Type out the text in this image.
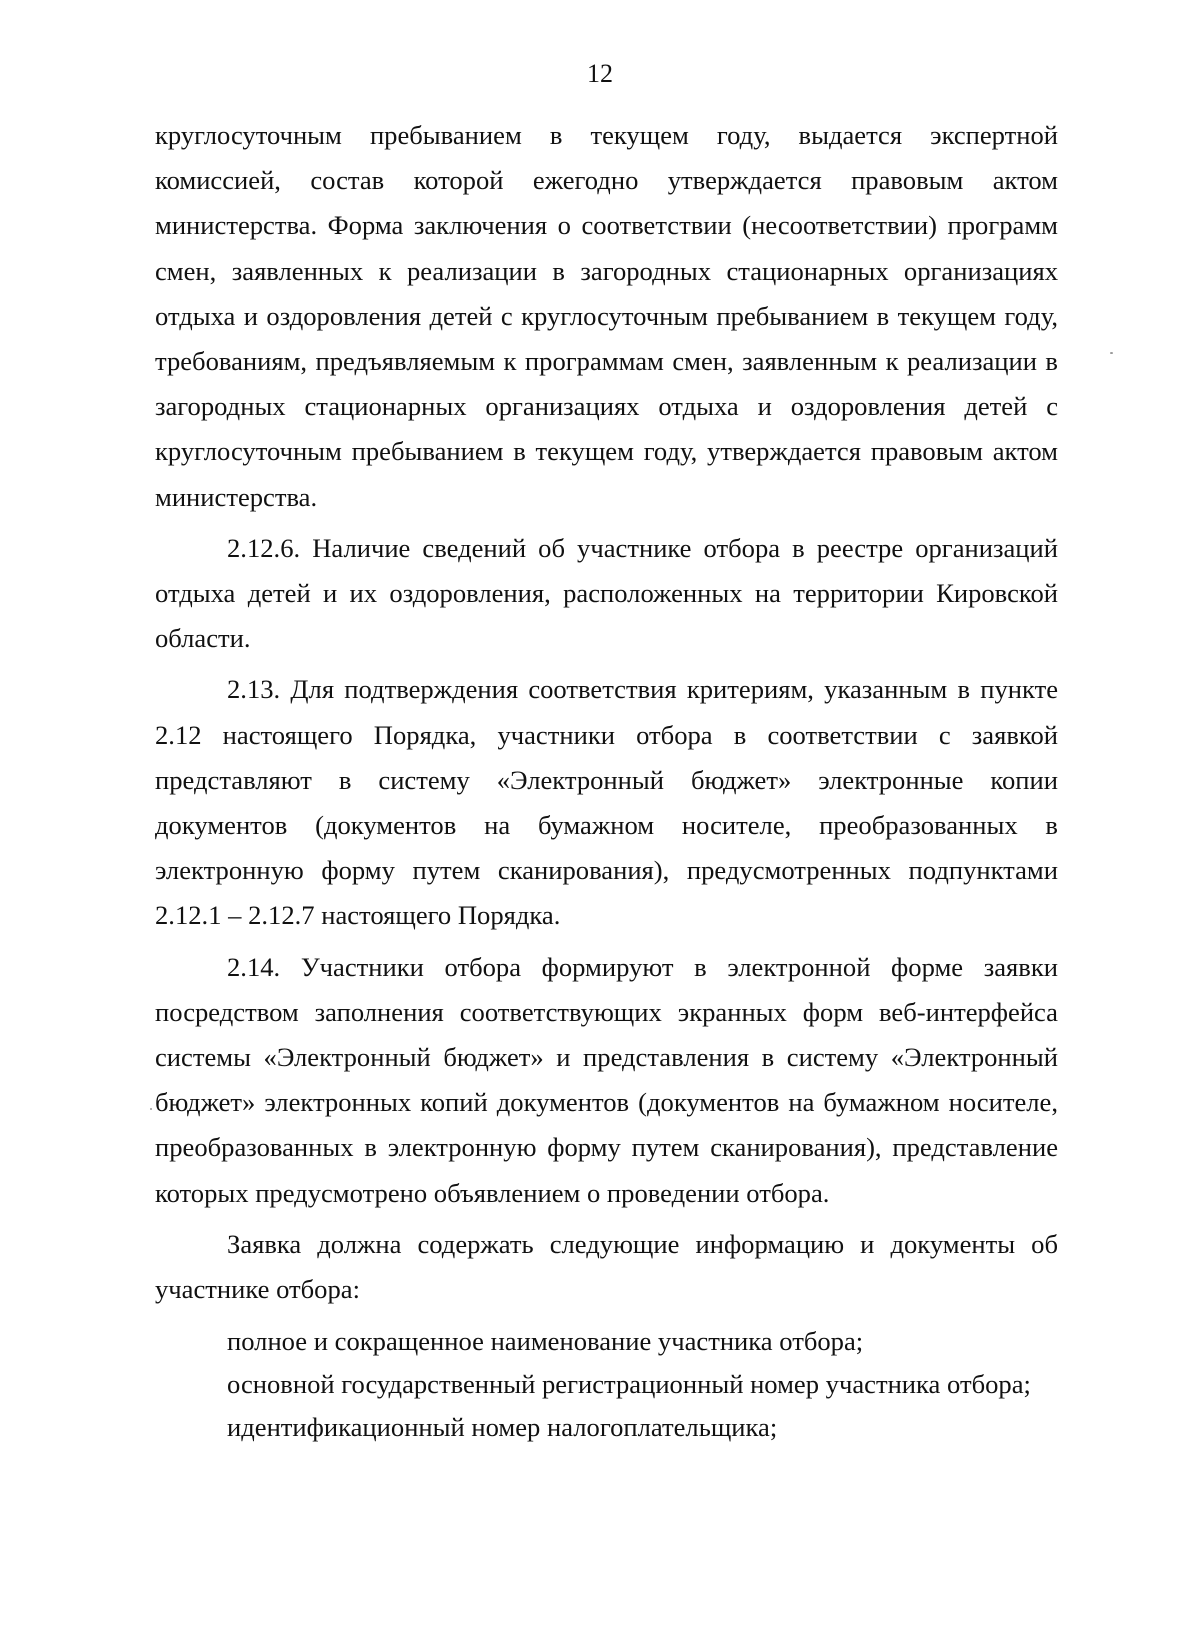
12

круглосуточным пребыванием в текущем году, выдается экспертной комиссией, состав которой ежегодно утверждается правовым актом министерства. Форма заключения о соответствии (несоответствии) программ смен, заявленных к реализации в загородных стационарных организациях отдыха и оздоровления детей с круглосуточным пребыванием в текущем году, требованиям, предъявляемым к программам смен, заявленным к реализации в загородных стационарных организациях отдыха и оздоровления детей с круглосуточным пребыванием в текущем году, утверждается правовым актом министерства.

2.12.6. Наличие сведений об участнике отбора в реестре организаций отдыха детей и их оздоровления, расположенных на территории Кировской области.

2.13. Для подтверждения соответствия критериям, указанным в пункте 2.12 настоящего Порядка, участники отбора в соответствии с заявкой представляют в систему «Электронный бюджет» электронные копии документов (документов на бумажном носителе, преобразованных в электронную форму путем сканирования), предусмотренных подпунктами 2.12.1 – 2.12.7 настоящего Порядка.

2.14. Участники отбора формируют в электронной форме заявки посредством заполнения соответствующих экранных форм веб-интерфейса системы «Электронный бюджет» и представления в систему «Электронный бюджет» электронных копий документов (документов на бумажном носителе, преобразованных в электронную форму путем сканирования), представление которых предусмотрено объявлением о проведении отбора.

Заявка должна содержать следующие информацию и документы об участнике отбора:

полное и сокращенное наименование участника отбора;

основной государственный регистрационный номер участника отбора;

идентификационный номер налогоплательщика;
